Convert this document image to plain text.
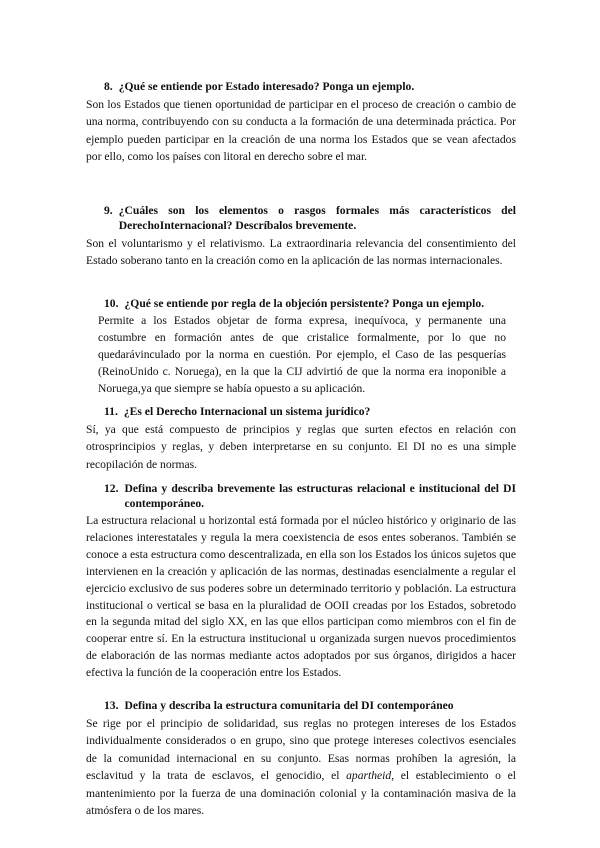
8. ¿Qué se entiende por Estado interesado? Ponga un ejemplo.

Son los Estados que tienen oportunidad de participar en el proceso de creación o cambio de una norma, contribuyendo con su conducta a la formación de una determinada práctica. Por ejemplo pueden participar en la creación de una norma los Estados que se vean afectados por ello, como los países con litoral en derecho sobre el mar.

9. ¿Cuáles son los elementos o rasgos formales más característicos del DerechoInternacional? Descríbalos brevemente.

Son el voluntarismo y el relativismo. La extraordinaria relevancia del consentimiento del Estado soberano tanto en la creación como en la aplicación de las normas internacionales.

10. ¿Qué se entiende por regla de la objeción persistente? Ponga un ejemplo.

Permite a los Estados objetar de forma expresa, inequívoca, y permanente una costumbre en formación antes de que cristalice formalmente, por lo que no quedarávinculado por la norma en cuestión. Por ejemplo, el Caso de las pesquerías (ReinoUnido c. Noruega), en la que la CIJ advirtió de que la norma era inoponible a Noruega,ya que siempre se había opuesto a su aplicación.

11. ¿Es el Derecho Internacional un sistema jurídico?

Sí, ya que está compuesto de principios y reglas que surten efectos en relación con otrosprincipios y reglas, y deben interpretarse en su conjunto. El DI no es una simple recopilación de normas.

12. Defina y describa brevemente las estructuras relacional e institucional del DI contemporáneo.

La estructura relacional u horizontal está formada por el núcleo histórico y originario de las relaciones interestatales y regula la mera coexistencia de esos entes soberanos. También se conoce a esta estructura como descentralizada, en ella son los Estados los únicos sujetos que intervienen en la creación y aplicación de las normas, destinadas esencialmente a regular el ejercicio exclusivo de sus poderes sobre un determinado territorio y población. La estructura institucional o vertical se basa en la pluralidad de OOII creadas por los Estados, sobretodo en la segunda mitad del siglo XX, en las que ellos participan como miembros con el fin de cooperar entre sí. En la estructura institucional u organizada surgen nuevos procedimientos de elaboración de las normas mediante actos adoptados por sus órganos, dirigidos a hacer efectiva la función de la cooperación entre los Estados.

13. Defina y describa la estructura comunitaria del DI contemporáneo

Se rige por el principio de solidaridad, sus reglas no protegen intereses de los Estados individualmente considerados o en grupo, sino que protege intereses colectivos esenciales de la comunidad internacional en su conjunto. Esas normas prohíben la agresión, la esclavitud y la trata de esclavos, el genocidio, el apartheid, el establecimiento o el mantenimiento por la fuerza de una dominación colonial y la contaminación masiva de la atmósfera o de los mares.
